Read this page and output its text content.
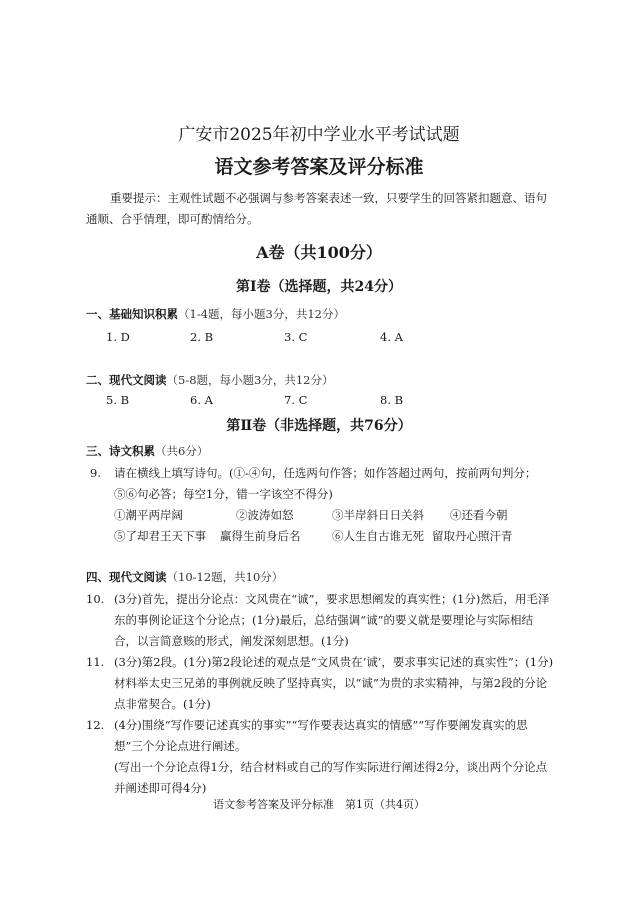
广安市2025年初中学业水平考试试题
语文参考答案及评分标准
重要提示：主观性试题不必强调与参考答案表述一致，只要学生的回答紧扣题意、语句通顺、合乎情理，即可酌情给分。
A卷（共100分）
第Ⅰ卷（选择题，共24分）
一、基础知识积累（1-4题，每小题3分，共12分）
1. D	2. B	3. C	4. A
二、现代文阅读（5-8题，每小题3分，共12分）
5. B	6. A	7. C	8. B
第Ⅱ卷（非选择题，共76分）
三、诗文积累（共6分）
9.	请在横线上填写诗句。(①-④句，任选两句作答；如作答超过两句，按前两句判分；⑤⑥句必答；每空1分，错一字该空不得分)
①潮平两岸阔	②波涛如怒	③半岸斜日日关斜 ④还看今朝
⑤了却君王天下事 赢得生前身后名	⑥人生自古谁无死 留取丹心照汗青
四、现代文阅读（10-12题，共10分）
10. (3分)首先，提出分论点：文风贵在“诚”，要求思想阐发的真实性；(1分)然后，用毛泽东的事例论证这个分论点；(1分)最后，总结强调“诚”的要义就是要理论与实际相结合，以言简意赅的形式，阐发深刻思想。(1分)
11. (3分)第2段。(1分)第2段论述的观点是“文风贵在‘诚’，要求事实记述的真实性”；(1分)材料举太史三兄弟的事例就反映了坚持真实，以“诚”为贵的求实精神，与第2段的分论点非常契合。(1分)
12. (4分)围绕“写作要记述真实的事实”“写作要表达真实的情感”“写作要阐发真实的思想”三个分论点进行阐述。
(写出一个分论点得1分，结合材料或自己的写作实际进行阐述得2分，谈出两个分论点并阐述即可得4分)
语文参考答案及评分标准　第1页（共4页）
